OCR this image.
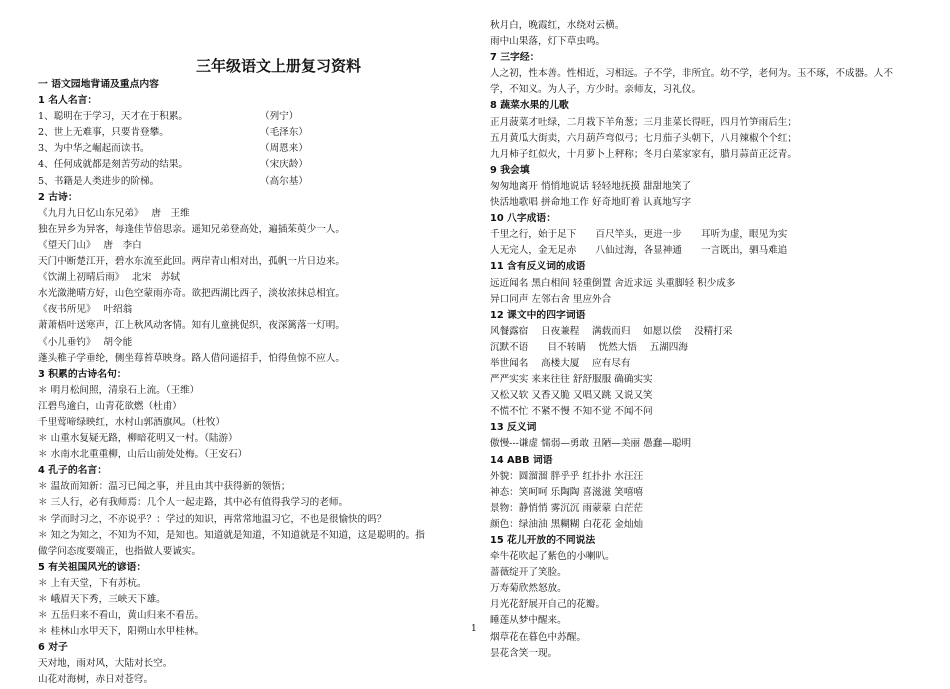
三年级语文上册复习资料
一 语文园地背诵及重点内容
1 名人名言：
1、聪明在于学习，天才在于积累。	（列宁）
2、世上无难事，只要肯登攀。	（毛泽东）
3、为中华之崛起而读书。	（周恩来）
4、任何成就都是刻苦劳动的结果。	（宋庆龄）
5、书籍是人类进步的阶梯。	（高尔基）
2 古诗：
《九月九日忆山东兄弟》　 唐　王维
独在异乡为异客，每逢佳节倍思亲。遥知兄弟登高处，遍插茱萸少一人。
《望天门山》　 唐　李白
天门中断楚江开，碧水东流至此回。两岸青山相对出，孤帆一片日边来。
《饮湖上初晴后雨》　 北宋　苏轼
水光潋滟晴方好，山色空蒙雨亦奇。欲把西湖比西子，淡妆浓抹总相宜。
《夜书所见》　 叶绍翁
萧萧梧叶送寒声，江上秋风动客情。知有儿童挑促织，夜深篱落一灯明。
《小儿垂钓》　 胡令能
蓬头稚子学垂纶，侧坐莓苔草映身。路人借问遥招手，怕得鱼惊不应人。
3 积累的古诗名句：
＊ 明月松间照，清泉石上流。（王维）
江碧鸟逾白，山青花欲燃（杜甫）
千里莺啼绿映红，水村山郭酒旗风。（杜牧）
＊ 山重水复疑无路，柳暗花明又一村。（陆游）
＊ 水南水北重重柳，山后山前处处梅。（王安石）
4 孔子的名言：
＊ 温故而知新：温习已闻之事，并且由其中获得新的领悟；
＊ 三人行，必有我师焉：几个人一起走路，其中必有值得我学习的老师。
＊ 学而时习之，不亦说乎？：学过的知识，再常常地温习它，不也是很愉快的吗？
＊ 知之为知之，不知为不知，是知也。知道就是知道，不知道就是不知道，这是聪明的。指
做学问态度要端正，也指做人要诚实。
5 有关祖国风光的谚语：
＊ 上有天堂，下有苏杭。
＊ 峨眉天下秀，三峡天下雄。
＊ 五岳归来不看山，黄山归来不看岳。
＊ 桂林山水甲天下，阳朔山水甲桂林。
6 对子
天对地，雨对风，大陆对长空。
山花对海树，赤日对苍穹。
秋月白，晚霞红，水绕对云横。
雨中山果落，灯下草虫鸣。
7 三字经：
人之初，性本善。性相近，习相远。子不学，非所宜。幼不学，老何为。玉不琢，不成器。人不
学，不知义。为人子，方少时。亲师友，习礼仪。
8 蔬菜水果的儿歌
正月菠菜才吐绿，二月栽下羊角葱；三月韭菜长得旺，四月竹笋雨后生；
五月黄瓜大街卖，六月葫芦弯似弓；七月茄子头朝下，八月辣椒个个红；
九月柿子红似火，十月萝卜上秤称；冬月白菜家家有，腊月蒜苗正泛青。
9 我会填
匆匆地离开 悄悄地说话 轻轻地抚摸 甜甜地笑了
快活地歌唱 拼命地工作 好奇地盯着 认真地写字
10 八字成语：
千里之行，始于足下　　百尺竿头，更进一步　　耳听为虚，眼见为实
人无完人，金无足赤　　八仙过海，各显神通　　一言既出，驷马难追
11 含有反义词的成语
远近闻名 黑白相间 轻重倒置 舍近求远 头重脚轻 积少成多
异口同声 左邻右舍 里应外合
12 课文中的四字词语
风餐露宿　 日夜兼程　 满载而归　 如愿以偿　 没精打采
沉默不语　　目不转睛　 恍然大悟　 五湖四海
举世闻名　 高楼大厦　 应有尽有
严严实实 来来往往 舒舒服服 确确实实
又松又软 又香又脆 又唱又跳 又说又笑
不慌不忙 不紧不慢 不知不觉 不闻不问
13 反义词
傲慢---谦虚 懦弱—勇敢 丑陋—美丽 愚蠢—聪明
14 ABB 词语
外貌：圆溜溜 胖乎乎 红扑扑 水汪汪
神态：笑呵呵 乐陶陶 喜滋滋 笑嘻嘻
景物：静悄悄 雾沉沉 雨蒙蒙 白茫茫
颜色：绿油油 黑糊糊 白花花 金灿灿
15 花儿开放的不同说法
牵牛花吹起了紫色的小喇叭。
蔷薇绽开了笑脸。
万寿菊欣然怒放。
月光花舒展开自己的花瓣。
睡莲从梦中醒来。
烟草花在暮色中苏醒。
昙花含笑一现。
1
